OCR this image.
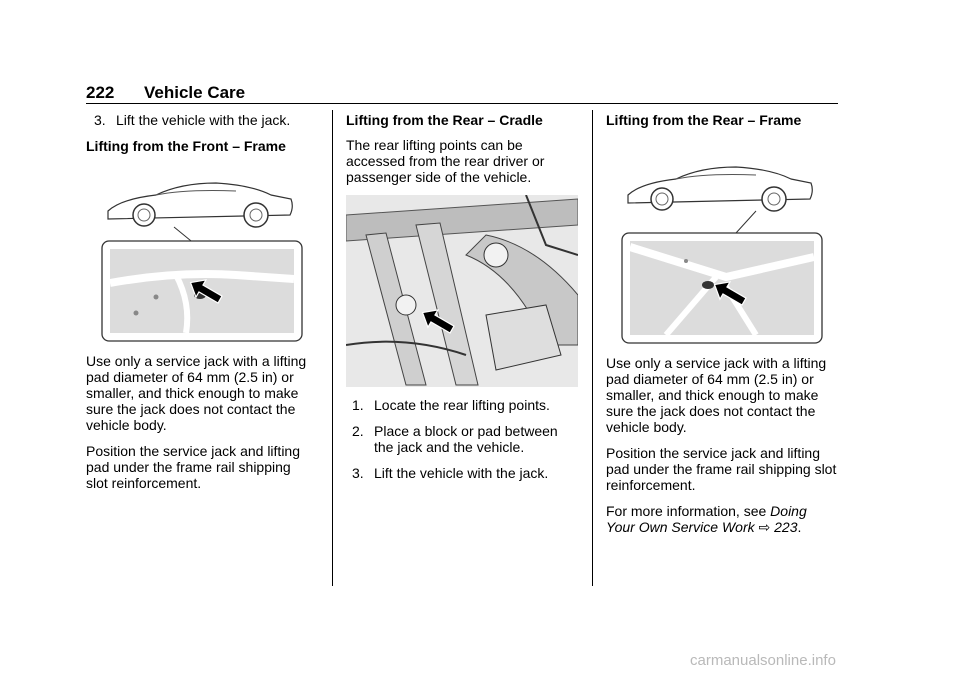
222	Vehicle Care
3. Lift the vehicle with the jack.

Lifting from the Front – Frame

Use only a service jack with a lifting pad diameter of 64 mm (2.5 in) or smaller, and thick enough to make sure the jack does not contact the vehicle body.

Position the service jack and lifting pad under the frame rail shipping slot reinforcement.

Lifting from the Rear – Cradle

The rear lifting points can be accessed from the rear driver or passenger side of the vehicle.

1. Locate the rear lifting points.
2. Place a block or pad between the jack and the vehicle.
3. Lift the vehicle with the jack.

Lifting from the Rear – Frame

Use only a service jack with a lifting pad diameter of 64 mm (2.5 in) or smaller, and thick enough to make sure the jack does not contact the vehicle body.

Position the service jack and lifting pad under the frame rail shipping slot reinforcement.

For more information, see Doing Your Own Service Work ⇨ 223.

carmanualsonline.info
